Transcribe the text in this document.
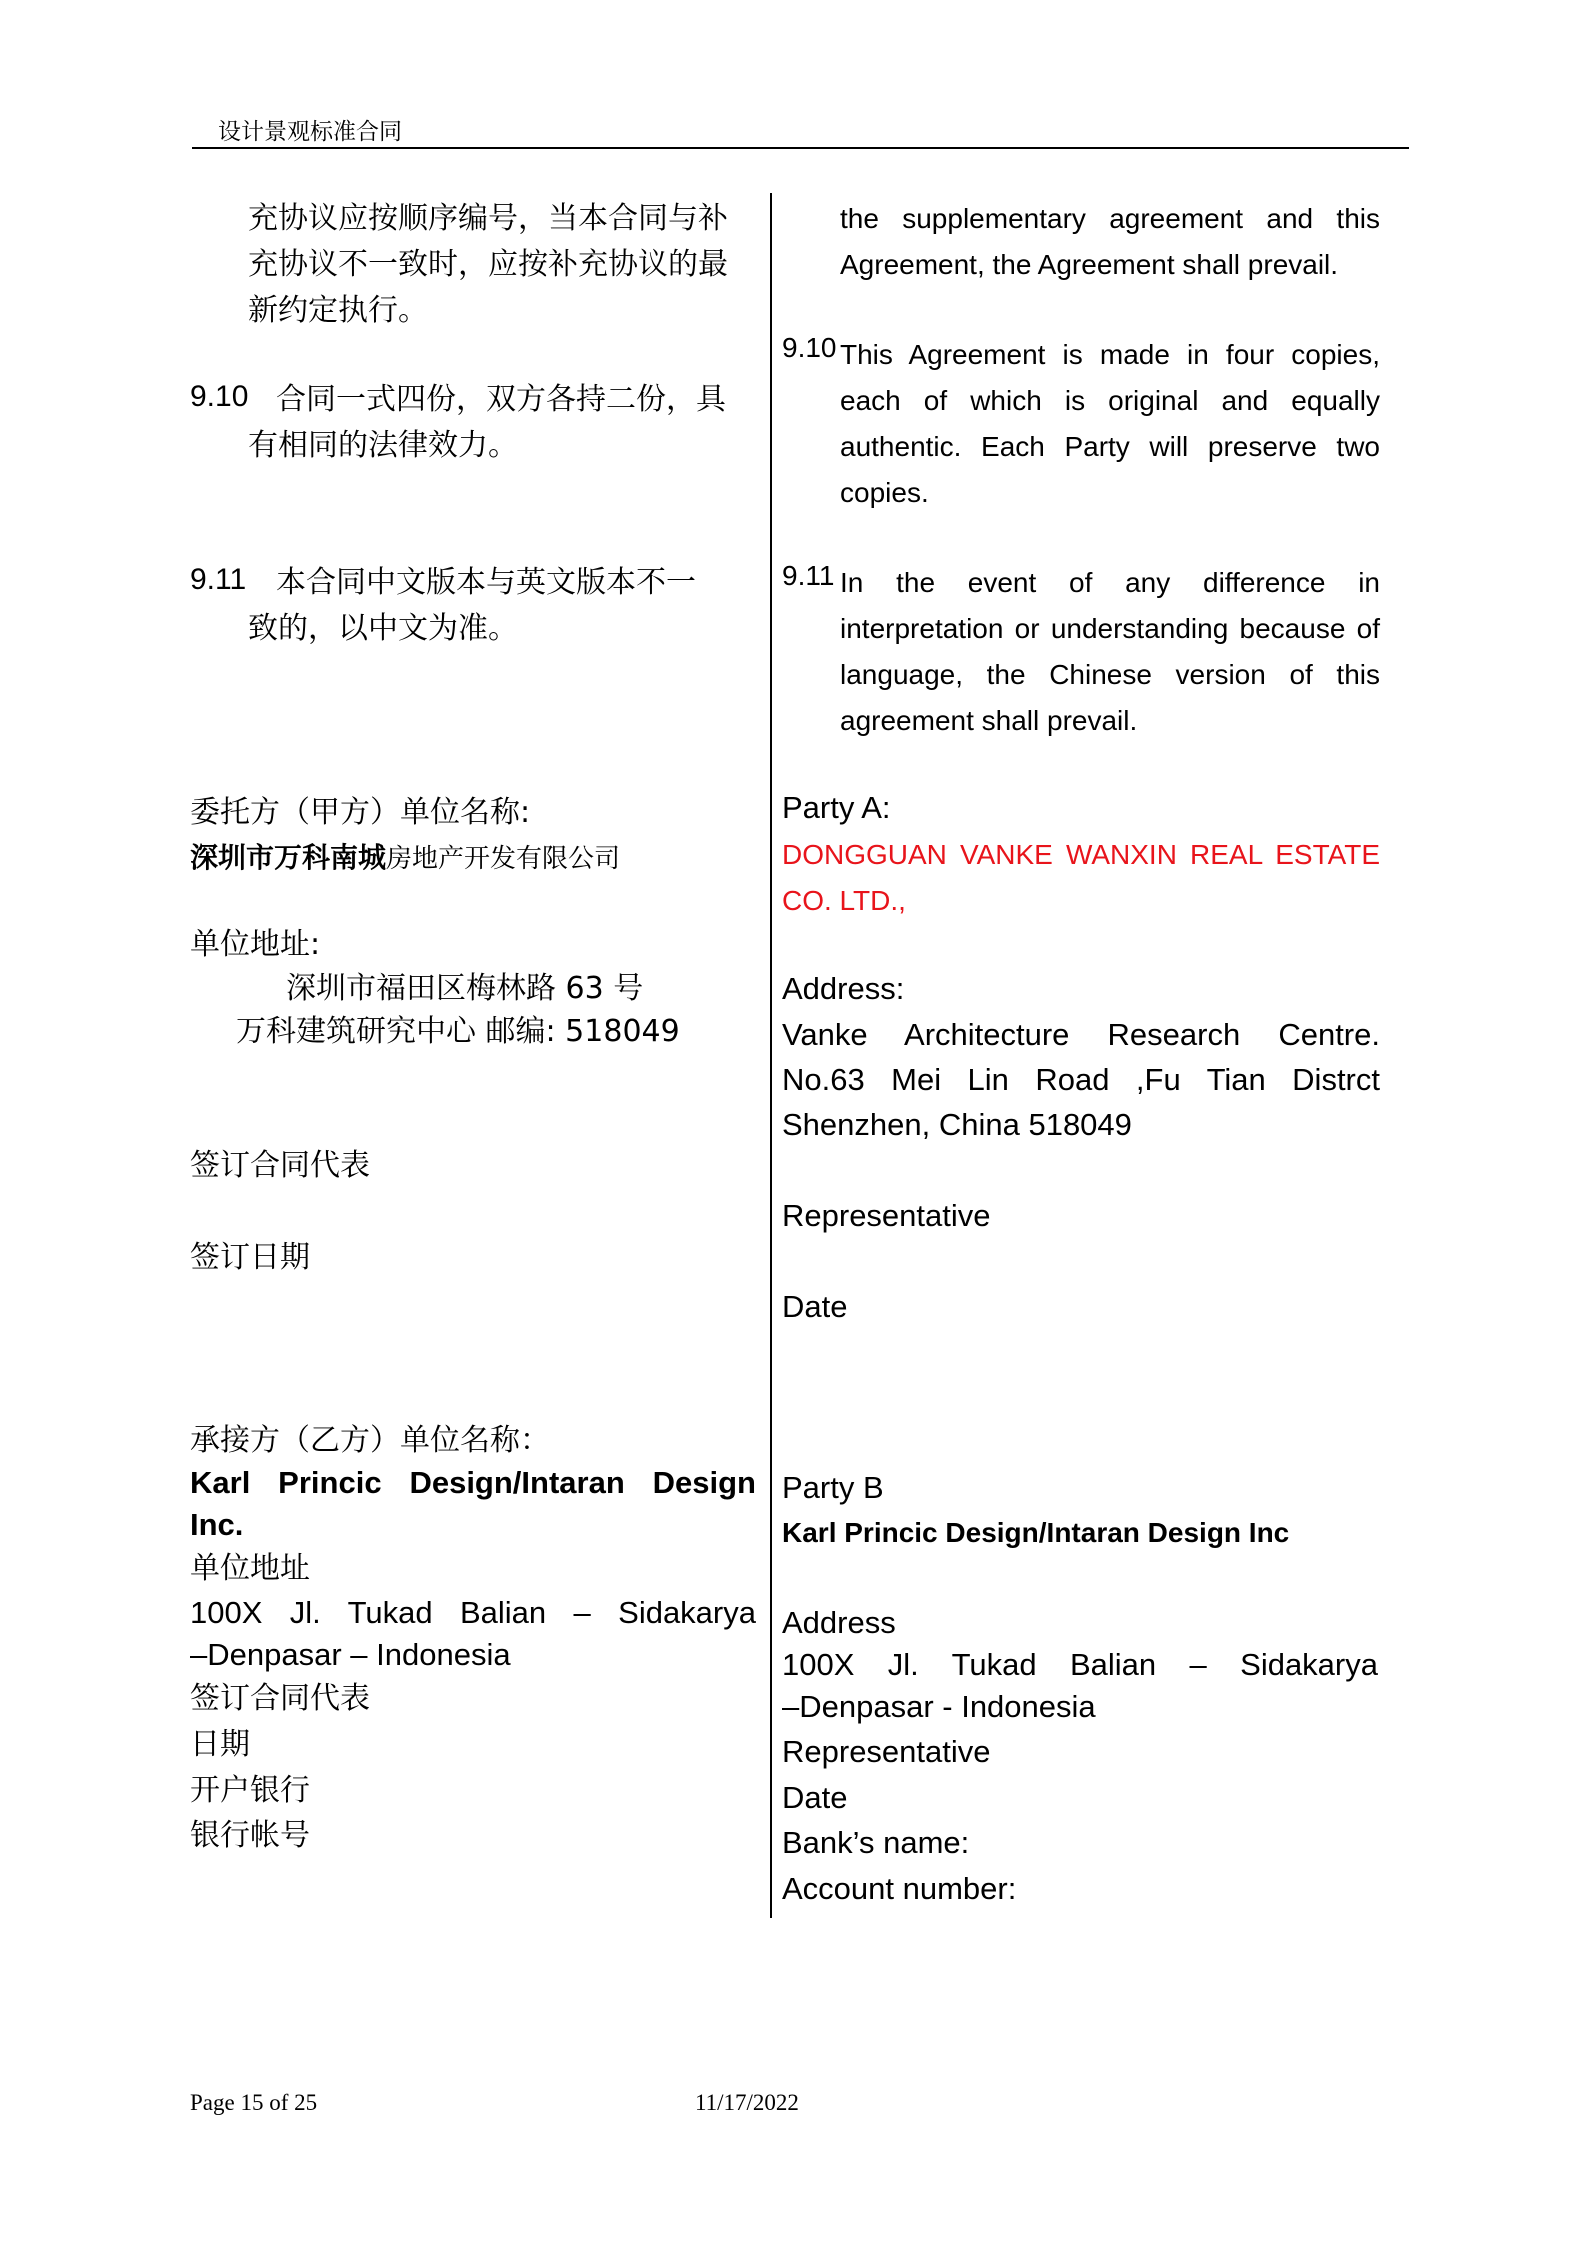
设计景观标准合同
充协议应按顺序编号，当本合同与补
充协议不一致时，应按补充协议的最
新约定执行。
9.10 合同一式四份，双方各持二份，具
有相同的法律效力。
9.11 本合同中文版本与英文版本不一
致的，以中文为准。
委托方（甲方）单位名称:
深圳市万科南城房地产开发有限公司
单位地址:
深圳市福田区梅林路 63 号
万科建筑研究中心 邮编: 518049
签订合同代表
签订日期
承接方（乙方）单位名称：
Karl Princic Design/Intaran Design
Inc.
单位地址
100X Jl. Tukad Balian – Sidakarya
–Denpasar – Indonesia
签订合同代表
日期
开户银行
银行帐号
the supplementary agreement and this
Agreement, the Agreement shall prevail.
9.10 This Agreement is made in four copies,
each of which is original and equally
authentic. Each Party will preserve two
copies.
9.11 In the event of any difference in
interpretation or understanding because of
language, the Chinese version of this
agreement shall prevail.
Party A:
DONGGUAN VANKE WANXIN REAL ESTATE
CO. LTD.,
Address:
Vanke Architecture Research Centre.
No.63 Mei Lin Road ,Fu Tian Distrct
Shenzhen, China 518049
Representative
Date
Party B
Karl Princic Design/Intaran Design Inc
Address
100X Jl. Tukad Balian – Sidakarya
–Denpasar - Indonesia
Representative
Date
Bank’s name:
Account number:
Page 15 of 25	11/17/2022
